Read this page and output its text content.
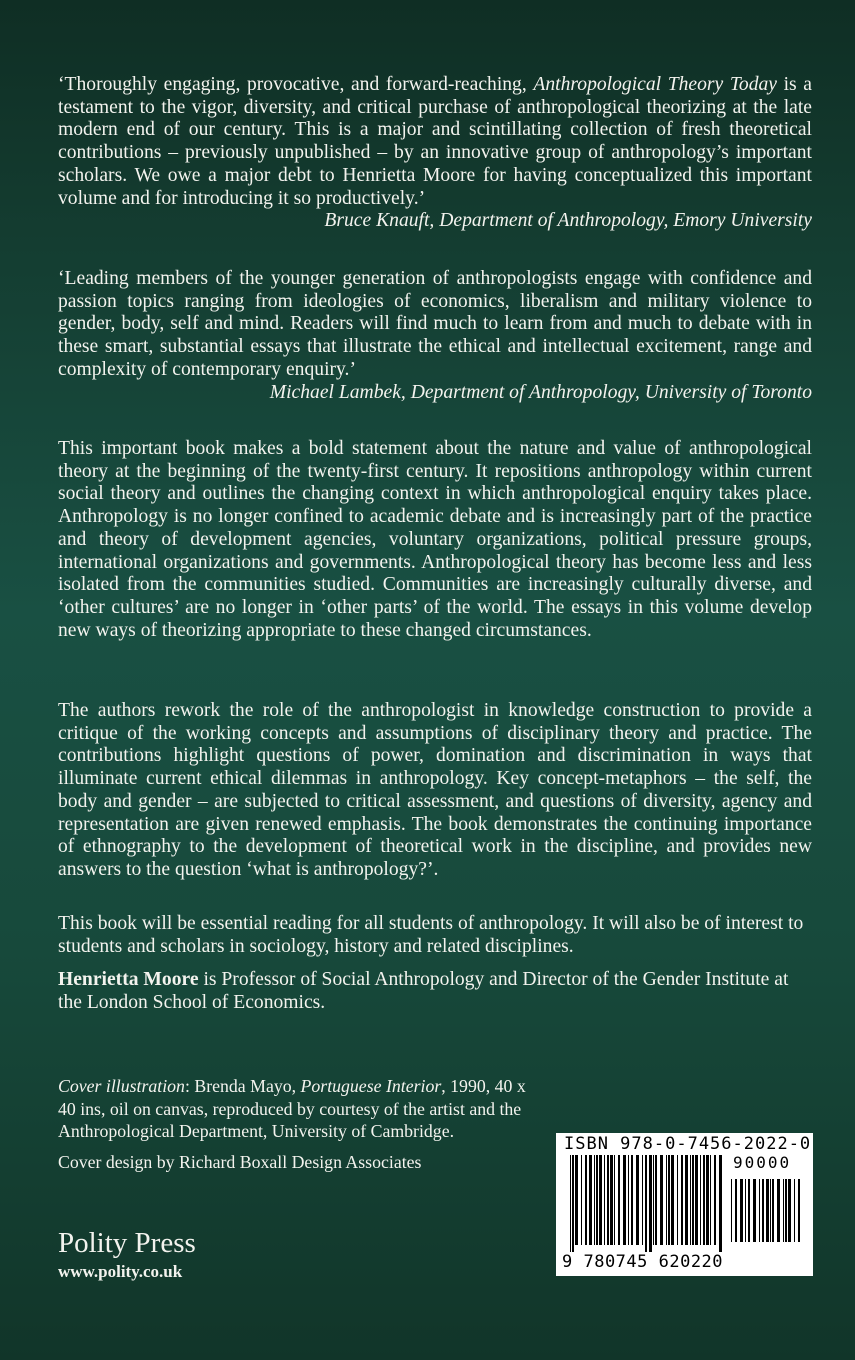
‘Thoroughly engaging, provocative, and forward-reaching, Anthropological Theory Today is a testament to the vigor, diversity, and critical purchase of anthropological theorizing at the late modern end of our century. This is a major and scintillating collection of fresh theoretical contributions – previously unpublished – by an innovative group of anthropology’s important scholars. We owe a major debt to Henrietta Moore for having conceptualized this important volume and for introducing it so productively.’

Bruce Knauft, Department of Anthropology, Emory University

‘Leading members of the younger generation of anthropologists engage with confidence and passion topics ranging from ideologies of economics, liberalism and military violence to gender, body, self and mind. Readers will find much to learn from and much to debate with in these smart, substantial essays that illustrate the ethical and intellectual excitement, range and complexity of contemporary enquiry.’

Michael Lambek, Department of Anthropology, University of Toronto

This important book makes a bold statement about the nature and value of anthropological theory at the beginning of the twenty-first century. It repositions anthropology within current social theory and outlines the changing context in which anthropological enquiry takes place. Anthropology is no longer confined to academic debate and is increasingly part of the practice and theory of development agencies, voluntary organizations, political pressure groups, international organizations and governments. Anthropological theory has become less and less isolated from the communities studied. Communities are increasingly culturally diverse, and ‘other cultures’ are no longer in ‘other parts’ of the world. The essays in this volume develop new ways of theorizing appropriate to these changed circumstances.

The authors rework the role of the anthropologist in knowledge construction to provide a critique of the working concepts and assumptions of disciplinary theory and practice. The contributions highlight questions of power, domination and discrimination in ways that illuminate current ethical dilemmas in anthropology. Key concept-metaphors – the self, the body and gender – are subjected to critical assessment, and questions of diversity, agency and representation are given renewed emphasis. The book demonstrates the continuing importance of ethnography to the development of theoretical work in the discipline, and provides new answers to the question ‘what is anthropology?’.

This book will be essential reading for all students of anthropology. It will also be of interest to students and scholars in sociology, history and related disciplines.

Henrietta Moore is Professor of Social Anthropology and Director of the Gender Institute at the London School of Economics.

Cover illustration: Brenda Mayo, Portuguese Interior, 1990, 40 x 40 ins, oil on canvas, reproduced by courtesy of the artist and the Anthropological Department, University of Cambridge.

Cover design by Richard Boxall Design Associates

Polity Press
www.polity.co.uk
ISBN 978-0-7456-2022-0
90000
9 780745 620220
